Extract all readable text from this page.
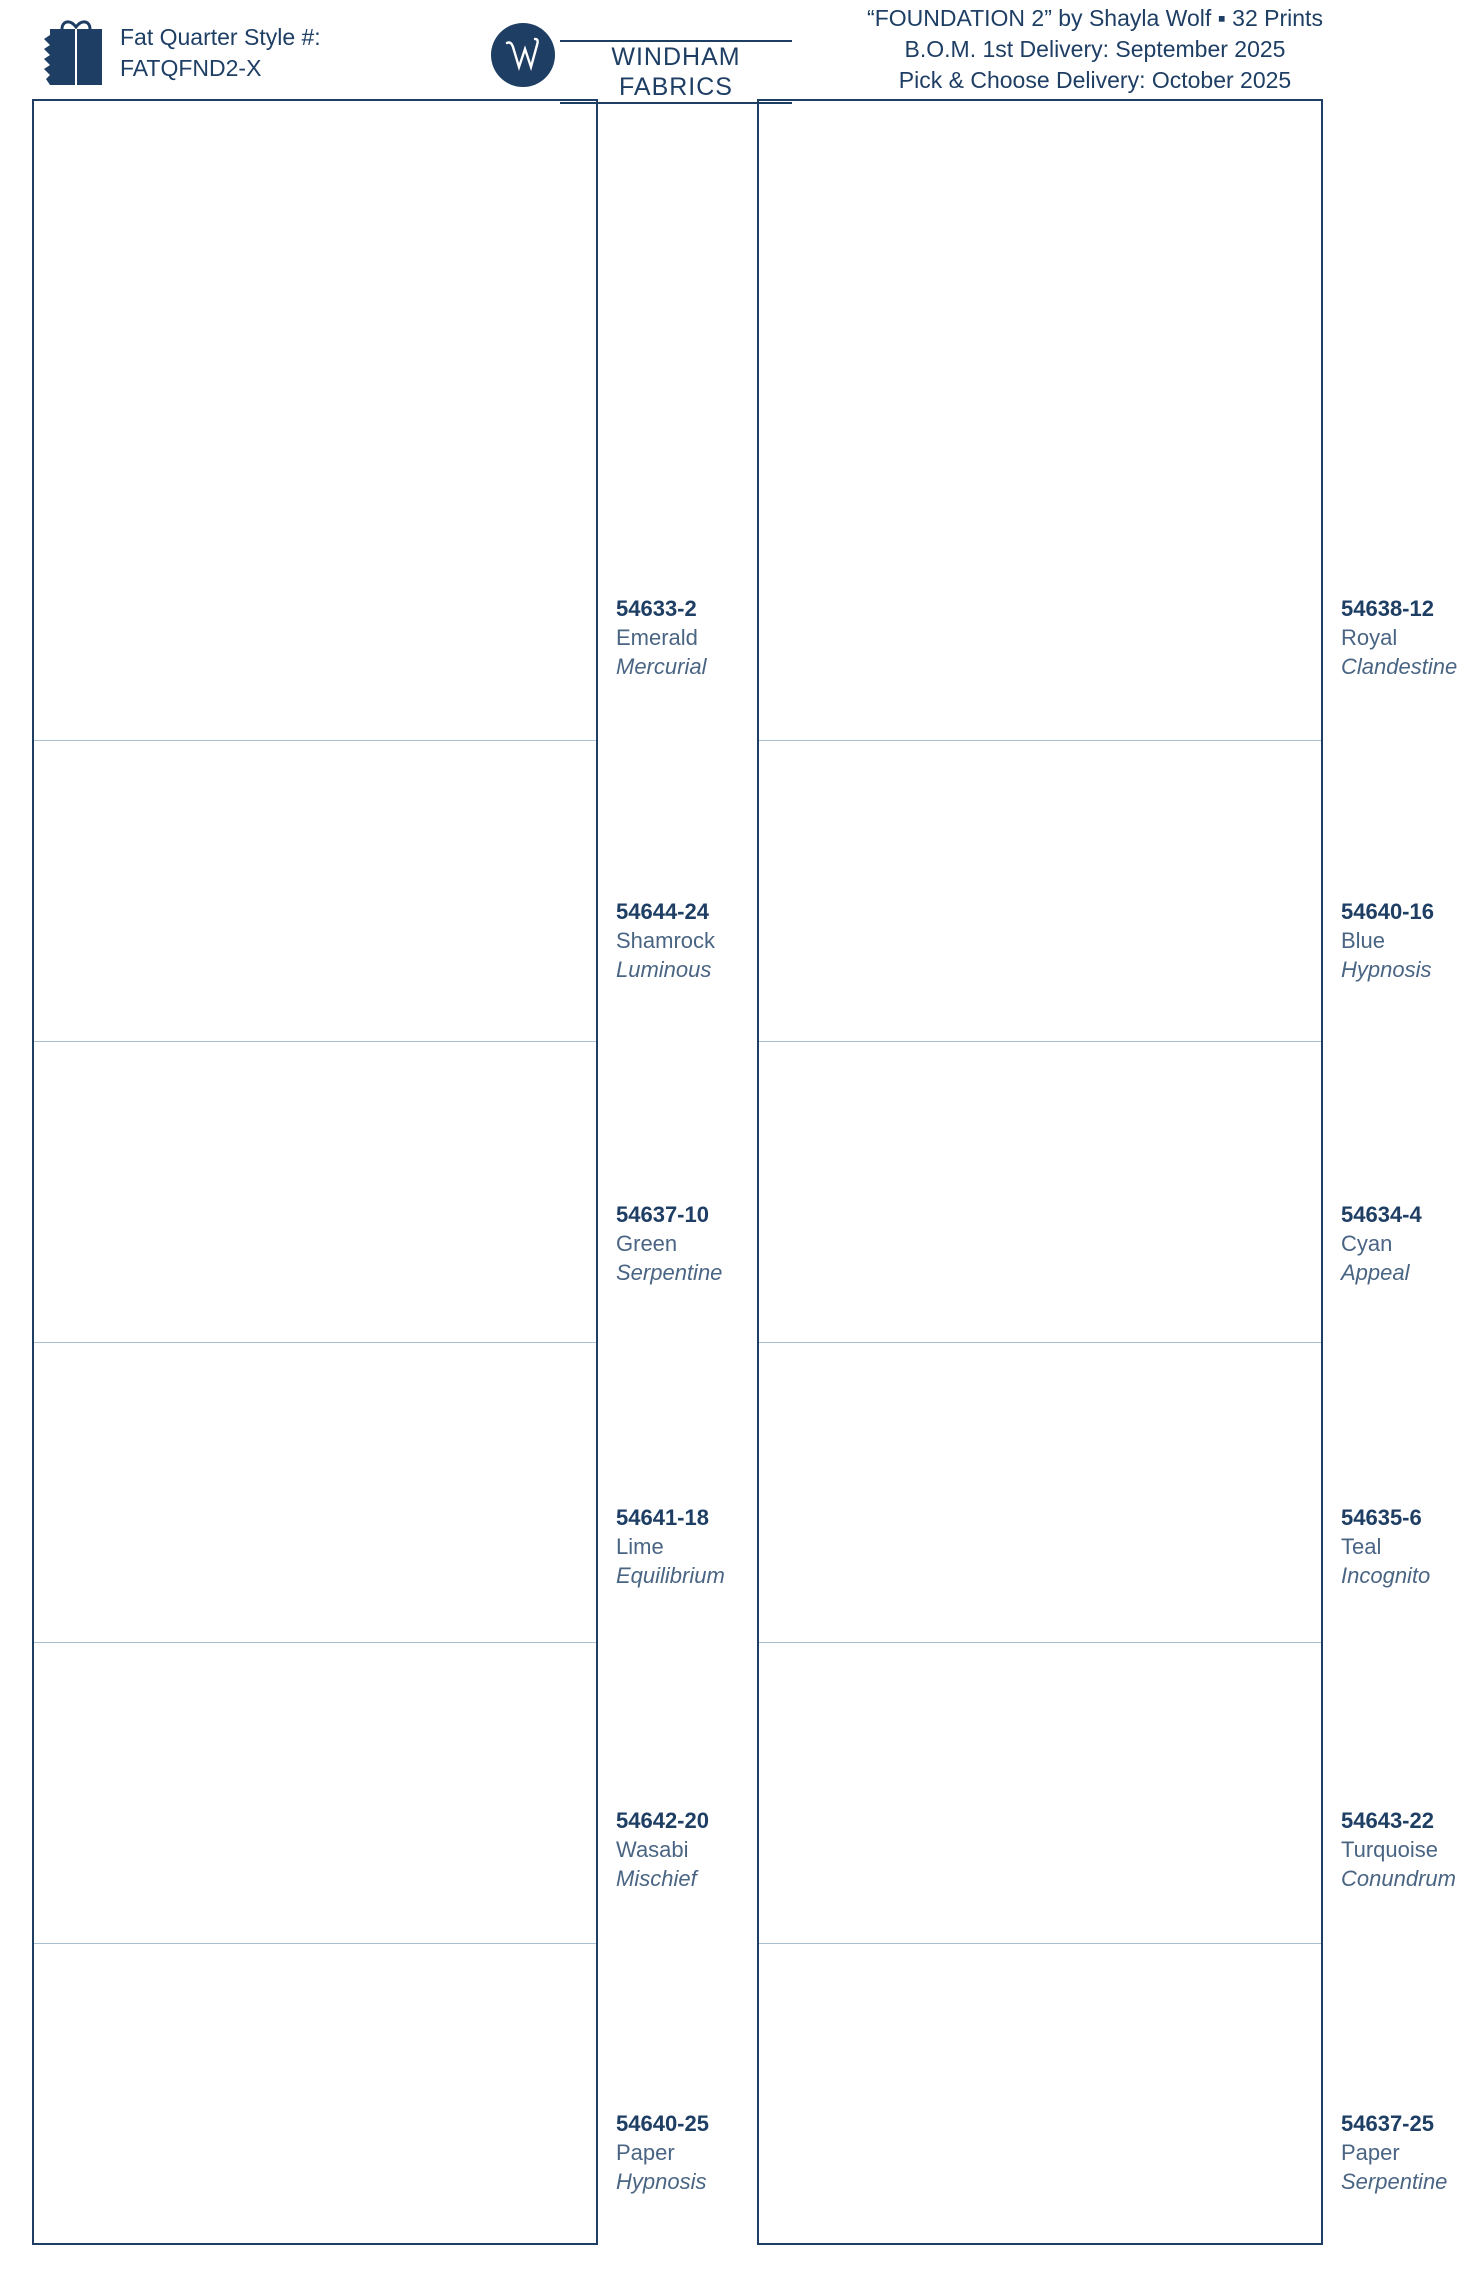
Fat Quarter Style #:
FATQFND2-X	WINDHAM FABRICS
“FOUNDATION 2” by Shayla Wolf ▪ 32 Prints
B.O.M. 1st Delivery: September 2025
Pick & Choose Delivery: October 2025
54633-2
Emerald
Mercurial
54644-24
Shamrock
Luminous
54637-10
Green
Serpentine
54641-18
Lime
Equilibrium
54642-20
Wasabi
Mischief
54640-25
Paper
Hypnosis
54638-12
Royal
Clandestine
54640-16
Blue
Hypnosis
54634-4
Cyan
Appeal
54635-6
Teal
Incognito
54643-22
Turquoise
Conundrum
54637-25
Paper
Serpentine
